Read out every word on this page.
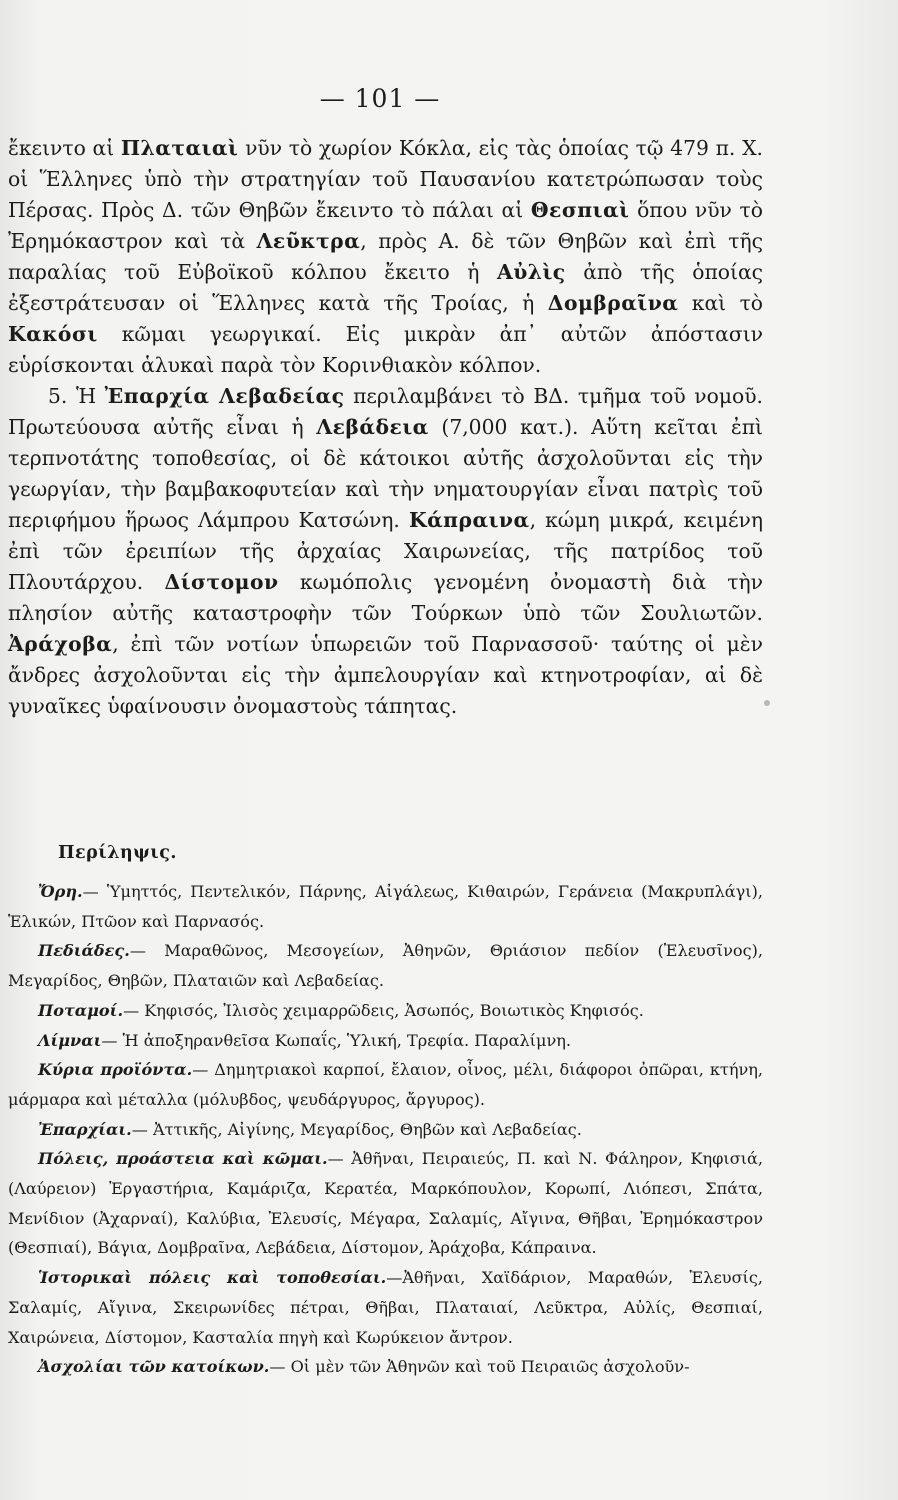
— 101 —

ἔκειντο αἱ Πλαταιαὶ νῦν τὸ χωρίον Κόκλα, εἰς τὰς ὁποίας τῷ 479 π. Χ. οἱ Ἕλληνες ὑπὸ τὴν στρατηγίαν τοῦ Παυσανίου κατετρώπωσαν τοὺς Πέρσας. Πρὸς Δ. τῶν Θηβῶν ἔκειντο τὸ πάλαι αἱ Θεσπιαὶ ὅπου νῦν τὸ Ἐρημόκαστρον καὶ τὰ Λεῦκτρα, πρὸς Α. δὲ τῶν Θηβῶν καὶ ἐπὶ τῆς παραλίας τοῦ Εὐβοϊκοῦ κόλπου ἔκειτο ἡ Αὐλὶς ἀπὸ τῆς ὁποίας ἐξεστράτευσαν οἱ Ἕλληνες κατὰ τῆς Τροίας, ἡ Δομβραῖνα καὶ τὸ Κακόσι κῶμαι γεωργικαί. Εἰς μικρὰν ἀπ᾽ αὐτῶν ἀπόστασιν εὑρίσκονται ἁλυκαὶ παρὰ τὸν Κορινθιακὸν κόλπον.

5. Ἡ Ἐπαρχία Λεβαδείας περιλαμβάνει τὸ ΒΔ. τμῆμα τοῦ νομοῦ. Πρωτεύουσα αὐτῆς εἶναι ἡ Λεβάδεια (7,000 κατ.). Αὕτη κεῖται ἐπὶ τερπνοτάτης τοποθεσίας, οἱ δὲ κάτοικοι αὐτῆς ἀσχολοῦνται εἰς τὴν γεωργίαν, τὴν βαμβακοφυτείαν καὶ τὴν νηματουργίαν εἶναι πατρὶς τοῦ περιφήμου ἥρωος Λάμπρου Κατσώνη. Κάπραινα, κώμη μικρά, κειμένη ἐπὶ τῶν ἐρειπίων τῆς ἀρχαίας Χαιρωνείας, τῆς πατρίδος τοῦ Πλουτάρχου. Δίστομον κωμόπολις γενομένη ὀνομαστὴ διὰ τὴν πλησίον αὐτῆς καταστροφὴν τῶν Τούρκων ὑπὸ τῶν Σουλιωτῶν. Ἀράχοβα, ἐπὶ τῶν νοτίων ὑπωρειῶν τοῦ Παρνασσοῦ· ταύτης οἱ μὲν ἄνδρες ἀσχολοῦνται εἰς τὴν ἀμπελουργίαν καὶ κτηνοτροφίαν, αἱ δὲ γυναῖκες ὑφαίνουσιν ὀνομαστοὺς τάπητας.

Περίληψις.

Ὄρη.— Ὑμηττός, Πεντελικόν, Πάρνης, Αἰγάλεως, Κιθαιρών, Γεράνεια (Μακρυπλάγι), Ἑλικών, Πτῶον καὶ Παρνασός.

Πεδιάδες.— Μαραθῶνος, Μεσογείων, Ἀθηνῶν, Θριάσιον πεδίον (Ἐλευσῖνος), Μεγαρίδος, Θηβῶν, Πλαταιῶν καὶ Λεβαδείας.

Ποταμοί.— Κηφισός, Ἰλισὸς χειμαρρῶδεις, Ἀσωπός, Βοιωτικὸς Κηφισός.

Λίμναι— Ἡ ἀποξηρανθεῖσα Κωπαΐς, Ὑλική, Τρεφία. Παραλίμνη.

Κύρια προϊόντα.— Δημητριακοὶ καρποί, ἔλαιον, οἶνος, μέλι, διάφοροι ὀπῶραι, κτήνη, μάρμαρα καὶ μέταλλα (μόλυβδος, ψευδάργυρος, ἄργυρος).

Ἐπαρχίαι.— Ἀττικῆς, Αἰγίνης, Μεγαρίδος, Θηβῶν καὶ Λεβαδείας.

Πόλεις, προάστεια καὶ κῶμαι.— Ἀθῆναι, Πειραιεύς, Π. καὶ Ν. Φάληρον, Κηφισιά, (Λαύρειον) Ἐργαστήρια, Καμάριζα, Κερατέα, Μαρκόπουλον, Κορωπί, Λιόπεσι, Σπάτα, Μενίδιον (Ἀχαρναί), Καλύβια, Ἐλευσίς, Μέγαρα, Σαλαμίς, Αἴγινα, Θῆβαι, Ἐρημόκαστρον (Θεσπιαί), Βάγια, Δομβραῖνα, Λεβάδεια, Δίστομον, Ἀράχοβα, Κάπραινα.

Ἱστορικαὶ πόλεις καὶ τοποθεσίαι.—Ἀθῆναι, Χαϊδάριον, Μαραθών, Ἐλευσίς, Σαλαμίς, Αἴγινα, Σκειρωνίδες πέτραι, Θῆβαι, Πλαταιαί, Λεῦκτρα, Αὐλίς, Θεσπιαί, Χαιρώνεια, Δίστομον, Κασταλία πηγὴ καὶ Κωρύκειον ἄντρον.

Ἀσχολίαι τῶν κατοίκων.— Οἱ μὲν τῶν Ἀθηνῶν καὶ τοῦ Πειραιῶς ἀσχολοῦν-
